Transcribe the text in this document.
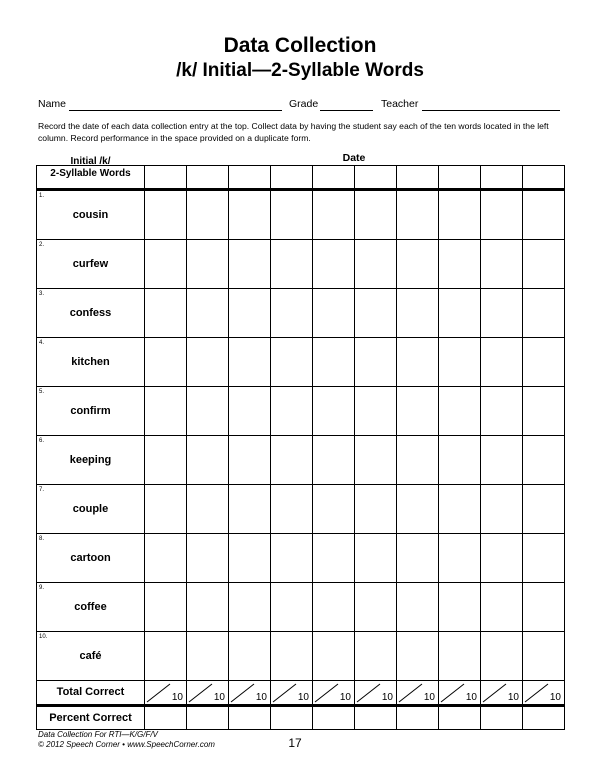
Data Collection
/k/ Initial—2-Syllable Words
Name	Grade	Teacher
Record the date of each data collection entry at the top. Collect data by having the student say each of the ten words located in the left column. Record performance in the space provided on a duplicate form.
Date
Initial /k/
2-Syllable Words										

1.
cousin										

2.
curfew										

3.
confess										

4.
kitchen										

5.
confirm										

6.
keeping										

7.
couple										

8.
cartoon										

9.
coffee										

10.
café										

Total Correct	10	10	10	10	10	10	10	10	10	10

Percent Correct										

Data Collection For RTI—K/G/F/V
© 2012 Speech Corner • www.SpeechCorner.com	17
